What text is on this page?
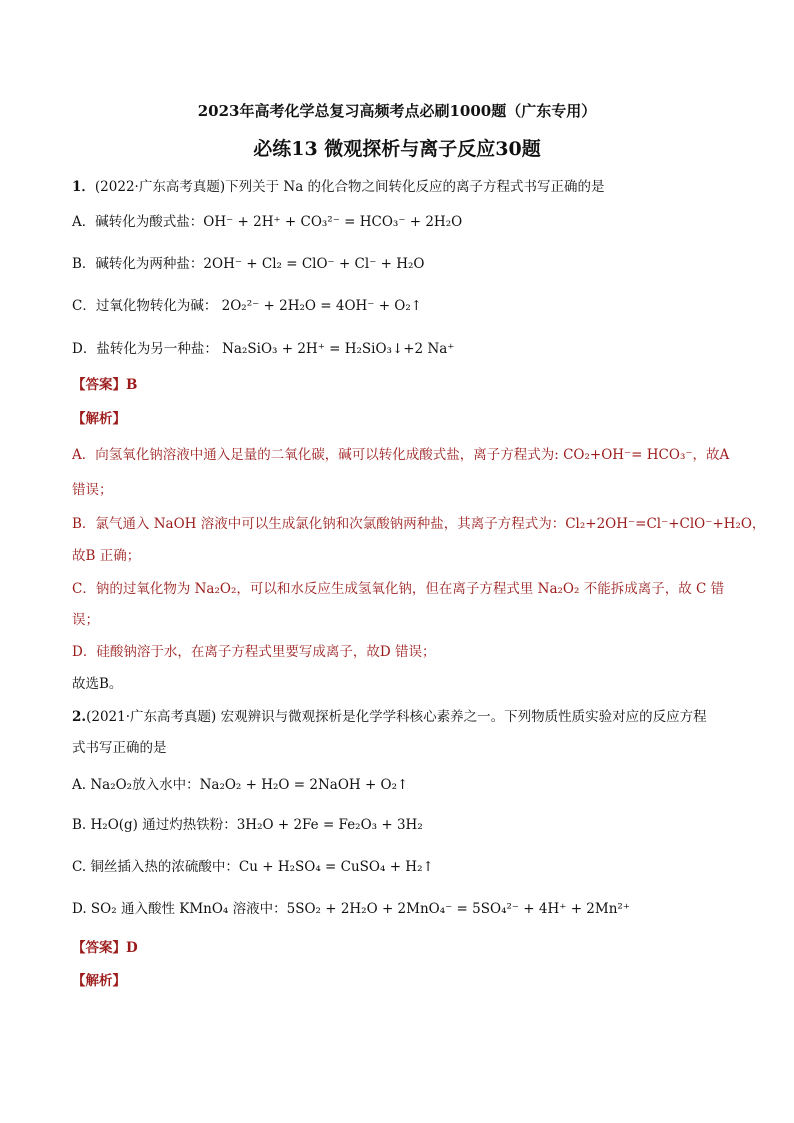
2023年高考化学总复习高频考点必刷1000题（广东专用）
必练13 微观探析与离子反应30题
1．(2022·广东高考真题)下列关于 Na 的化合物之间转化反应的离子方程式书写正确的是
A．碱转化为酸式盐：OH⁻ + 2H⁺ + CO₃²⁻ = HCO₃⁻ + 2H₂O
B．碱转化为两种盐：2OH⁻ + Cl₂ = ClO⁻ + Cl⁻ + H₂O
C．过氧化物转化为碱： 2O₂²⁻ + 2H₂O = 4OH⁻ + O₂↑
D．盐转化为另一种盐： Na₂SiO₃ + 2H⁺ = H₂SiO₃↓+2 Na⁺
【答案】B
【解析】
A．向氢氧化钠溶液中通入足量的二氧化碳，碱可以转化成酸式盐，离子方程式为: CO₂+OH⁻= HCO₃⁻，故A
错误；
B．氯气通入 NaOH 溶液中可以生成氯化钠和次氯酸钠两种盐，其离子方程式为：Cl₂+2OH⁻=Cl⁻+ClO⁻+H₂O，
故B 正确；
C．钠的过氧化物为 Na₂O₂，可以和水反应生成氢氧化钠，但在离子方程式里 Na₂O₂ 不能拆成离子，故 C 错
误；
D．硅酸钠溶于水，在离子方程式里要写成离子，故D 错误；
故选B。
2.(2021·广东高考真题) 宏观辨识与微观探析是化学学科核心素养之一。下列物质性质实验对应的反应方程
式书写正确的是
A. Na₂O₂放入水中：Na₂O₂ + H₂O = 2NaOH + O₂↑
B. H₂O(g) 通过灼热铁粉：3H₂O + 2Fe = Fe₂O₃ + 3H₂
C. 铜丝插入热的浓硫酸中：Cu + H₂SO₄ = CuSO₄ + H₂↑
D. SO₂ 通入酸性 KMnO₄ 溶液中：5SO₂ + 2H₂O + 2MnO₄⁻ = 5SO₄²⁻ + 4H⁺ + 2Mn²⁺
【答案】D
【解析】
